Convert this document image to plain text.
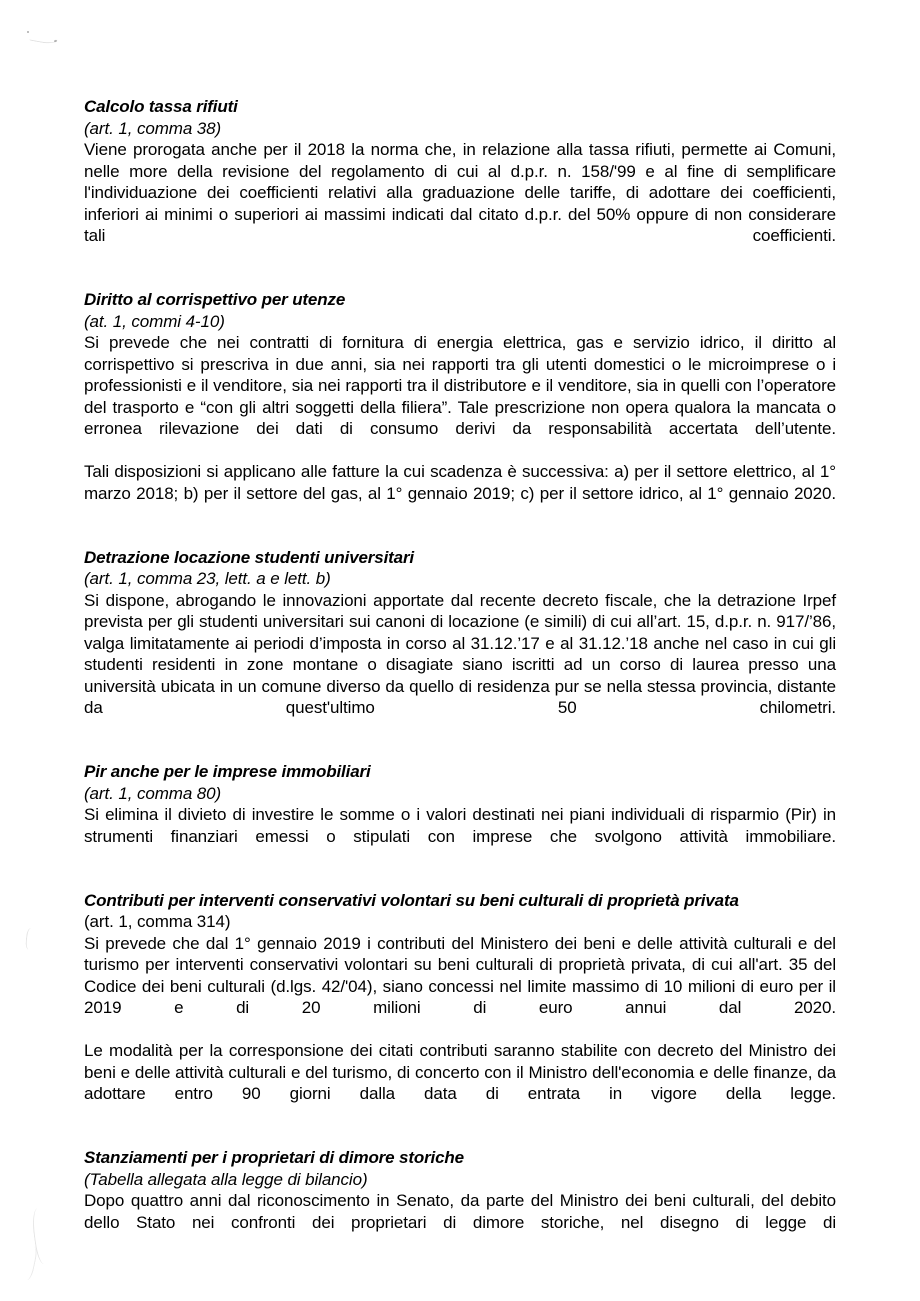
Calcolo tassa rifiuti
(art. 1, comma 38)

Viene prorogata anche per il 2018 la norma che, in relazione alla tassa rifiuti, permette ai Comuni, nelle more della revisione del regolamento di cui al d.p.r. n. 158/'99 e al fine di semplificare l'individuazione dei coefficienti relativi alla graduazione delle tariffe, di adottare dei coefficienti, inferiori ai minimi o superiori ai massimi indicati dal citato d.p.r. del 50% oppure di non considerare tali coefficienti.

Diritto al corrispettivo per utenze
(at. 1, commi 4-10)

Si prevede che nei contratti di fornitura di energia elettrica, gas e servizio idrico, il diritto al corrispettivo si prescriva in due anni, sia nei rapporti tra gli utenti domestici o le microimprese o i professionisti e il venditore, sia nei rapporti tra il distributore e il venditore, sia in quelli con l’operatore del trasporto e “con gli altri soggetti della filiera”. Tale prescrizione non opera qualora la mancata o erronea rilevazione dei dati di consumo derivi da responsabilità accertata dell’utente.

Tali disposizioni si applicano alle fatture la cui scadenza è successiva: a) per il settore elettrico, al 1° marzo 2018; b) per il settore del gas, al 1° gennaio 2019; c) per il settore idrico, al 1° gennaio 2020.

Detrazione locazione studenti universitari
(art. 1, comma 23, lett. a e lett. b)

Si dispone, abrogando le innovazioni apportate dal recente decreto fiscale, che la detrazione Irpef prevista per gli studenti universitari sui canoni di locazione (e simili) di cui all’art. 15, d.p.r. n. 917/’86, valga limitatamente ai periodi d’imposta in corso al 31.12.’17 e al 31.12.’18 anche nel caso in cui gli studenti residenti in zone montane o disagiate siano iscritti ad un corso di laurea presso una università ubicata in un comune diverso da quello di residenza pur se nella stessa provincia, distante da quest'ultimo 50 chilometri.

Pir anche per le imprese immobiliari
(art. 1, comma 80)

Si elimina il divieto di investire le somme o i valori destinati nei piani individuali di risparmio (Pir) in strumenti finanziari emessi o stipulati con imprese che svolgono attività immobiliare.

Contributi per interventi conservativi volontari su beni culturali di proprietà privata
(art. 1, comma 314)

Si prevede che dal 1° gennaio 2019 i contributi del Ministero dei beni e delle attività culturali e del turismo per interventi conservativi volontari su beni culturali di proprietà privata, di cui all'art. 35 del Codice dei beni culturali (d.lgs. 42/'04), siano concessi nel limite massimo di 10 milioni di euro per il 2019 e di 20 milioni di euro annui dal 2020.

Le modalità per la corresponsione dei citati contributi saranno stabilite con decreto del Ministro dei beni e delle attività culturali e del turismo, di concerto con il Ministro dell'economia e delle finanze, da adottare entro 90 giorni dalla data di entrata in vigore della legge.

Stanziamenti per i proprietari di dimore storiche
(Tabella allegata alla legge di bilancio)

Dopo quattro anni dal riconoscimento in Senato, da parte del Ministro dei beni culturali, del debito dello Stato nei confronti dei proprietari di dimore storiche, nel disegno di legge di
